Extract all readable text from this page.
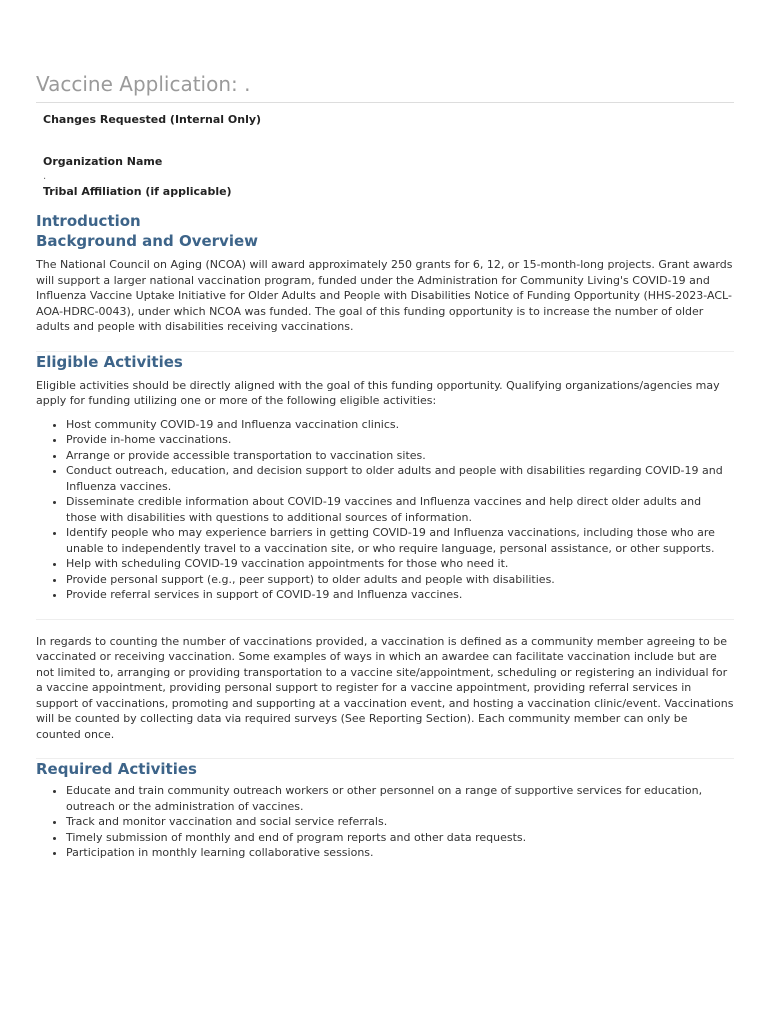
Vaccine Application: .
Changes Requested (Internal Only)
Organization Name
.
Tribal Affiliation (if applicable)
Introduction
Background and Overview

The National Council on Aging (NCOA) will award approximately 250 grants for 6, 12, or 15-month-long projects. Grant awards will support a larger national vaccination program, funded under the Administration for Community Living's COVID-19 and Influenza Vaccine Uptake Initiative for Older Adults and People with Disabilities Notice of Funding Opportunity (HHS-2023-ACL-AOA-HDRC-0043), under which NCOA was funded. The goal of this funding opportunity is to increase the number of older adults and people with disabilities receiving vaccinations.

Eligible Activities

Eligible activities should be directly aligned with the goal of this funding opportunity. Qualifying organizations/agencies may apply for funding utilizing one or more of the following eligible activities:

• Host community COVID-19 and Influenza vaccination clinics.
• Provide in-home vaccinations.
• Arrange or provide accessible transportation to vaccination sites.
• Conduct outreach, education, and decision support to older adults and people with disabilities regarding COVID-19 and Influenza vaccines.
• Disseminate credible information about COVID-19 vaccines and Influenza vaccines and help direct older adults and those with disabilities with questions to additional sources of information.
• Identify people who may experience barriers in getting COVID-19 and Influenza vaccinations, including those who are unable to independently travel to a vaccination site, or who require language, personal assistance, or other supports.
• Help with scheduling COVID-19 vaccination appointments for those who need it.
• Provide personal support (e.g., peer support) to older adults and people with disabilities.
• Provide referral services in support of COVID-19 and Influenza vaccines.

In regards to counting the number of vaccinations provided, a vaccination is defined as a community member agreeing to be vaccinated or receiving vaccination. Some examples of ways in which an awardee can facilitate vaccination include but are not limited to, arranging or providing transportation to a vaccine site/appointment, scheduling or registering an individual for a vaccine appointment, providing personal support to register for a vaccine appointment, providing referral services in support of vaccinations, promoting and supporting at a vaccination event, and hosting a vaccination clinic/event. Vaccinations will be counted by collecting data via required surveys (See Reporting Section). Each community member can only be counted once.

Required Activities
• Educate and train community outreach workers or other personnel on a range of supportive services for education, outreach or the administration of vaccines.
• Track and monitor vaccination and social service referrals.
• Timely submission of monthly and end of program reports and other data requests.
• Participation in monthly learning collaborative sessions.
